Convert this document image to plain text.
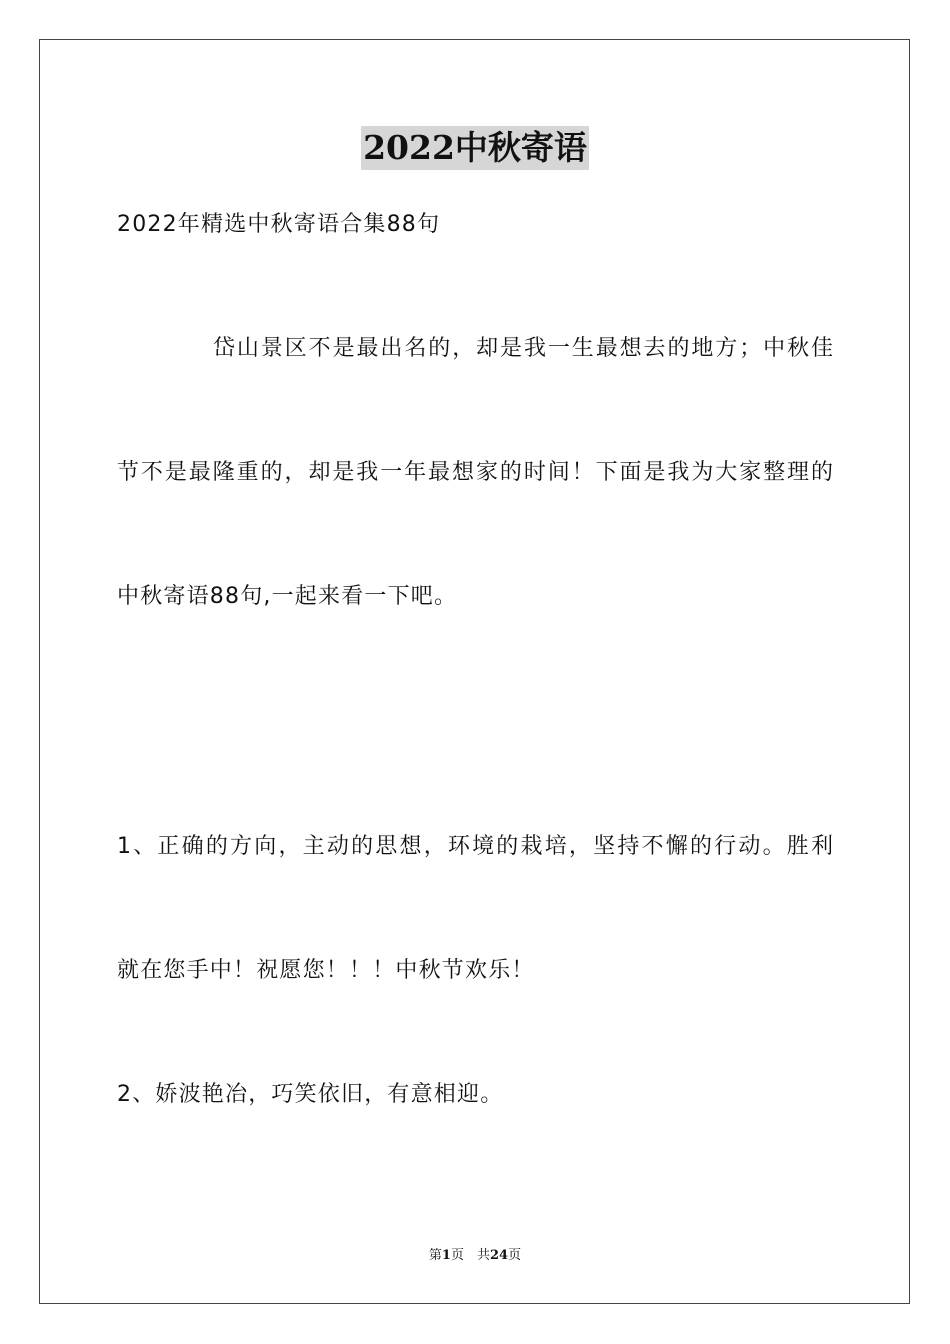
2022中秋寄语
2022年精选中秋寄语合集88句
岱山景区不是最出名的，却是我一生最想去的地方；中秋佳
节不是最隆重的，却是我一年最想家的时间！下面是我为大家整理的
中秋寄语88句,一起来看一下吧。
1、正确的方向，主动的思想，环境的栽培，坚持不懈的行动。胜利
就在您手中！祝愿您！！！中秋节欢乐！
2、娇波艳冶，巧笑依旧，有意相迎。
第1页　共24页
